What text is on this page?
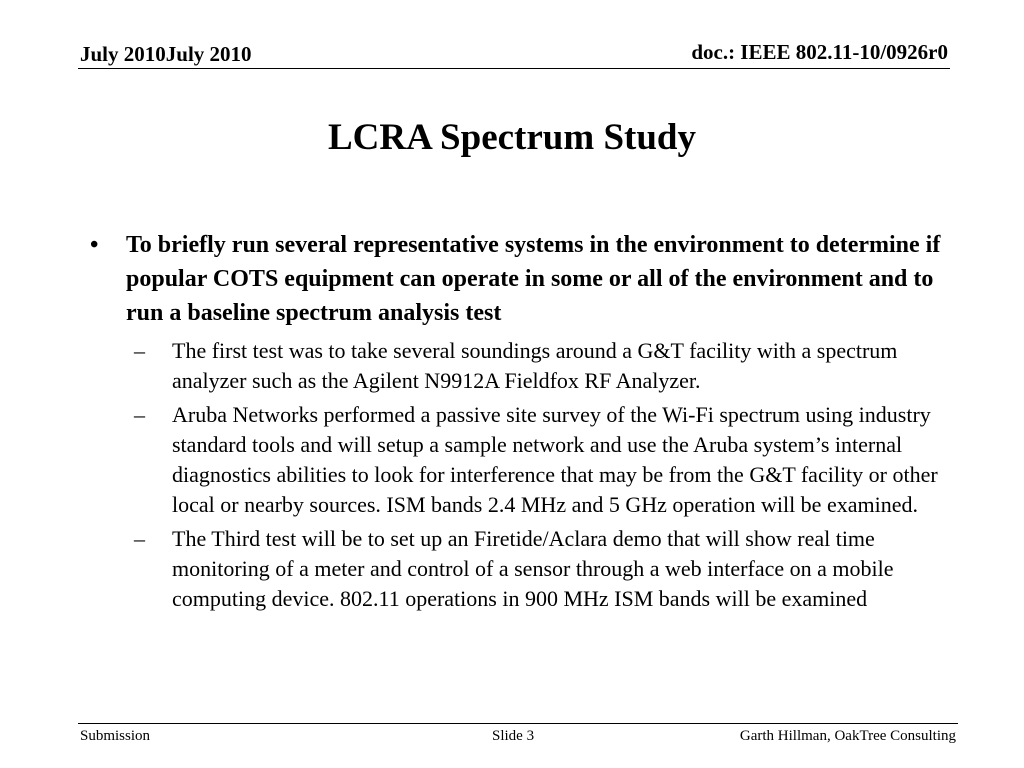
July 2010July 2010	doc.: IEEE 802.11-10/0926r0
LCRA Spectrum Study
• To briefly run several representative systems in the environment to determine if popular COTS equipment can operate in some or all of the environment and to run a baseline spectrum analysis test
– The first test was to take several soundings around a G&T facility with a spectrum analyzer such as the Agilent N9912A Fieldfox RF Analyzer.
– Aruba Networks performed a passive site survey of the Wi-Fi spectrum using industry standard tools and will setup a sample network and use the Aruba system’s internal diagnostics abilities to look for interference that may be from the G&T facility or other local or nearby sources. ISM bands 2.4 MHz and 5 GHz operation will be examined.
– The Third test will be to set up an Firetide/Aclara demo that will show real time monitoring of a meter and control of a sensor through a web interface on a mobile computing device. 802.11 operations in 900 MHz ISM bands will be examined
Submission	Slide 3	Garth Hillman, OakTree Consulting
